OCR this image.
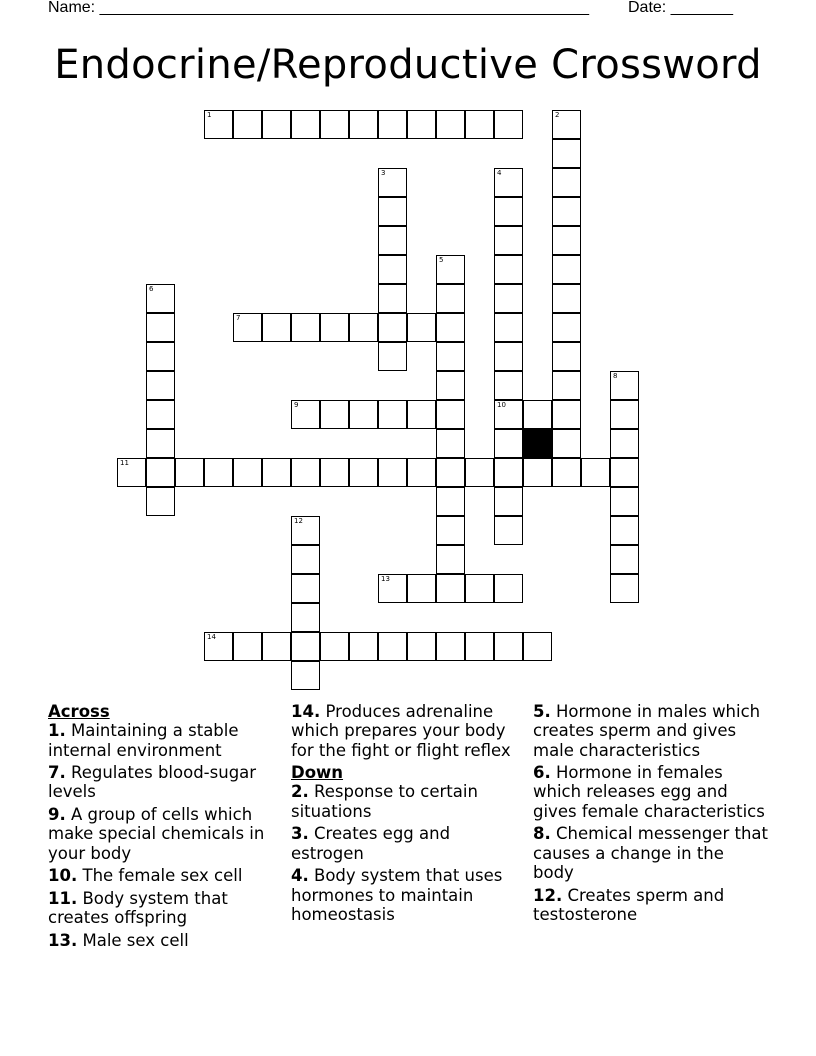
Name: _______________________________________________________ Date: _______
Endocrine/Reproductive Crossword
1	2
3	4
10
5
6
7
8
9
11
12
13
14
Across
1. Maintaining a stable internal environment
7. Regulates blood-sugar levels
9. A group of cells which make special chemicals in your body
10. The female sex cell
11. Body system that creates offspring
13. Male sex cell
14. Produces adrenaline which prepares your body for the fight or flight reflex
Down
2. Response to certain situations
3. Creates egg and estrogen
4. Body system that uses hormones to maintain homeostasis
5. Hormone in males which creates sperm and gives male characteristics
6. Hormone in females which releases egg and gives female characteristics
8. Chemical messenger that causes a change in the body
12. Creates sperm and testosterone
